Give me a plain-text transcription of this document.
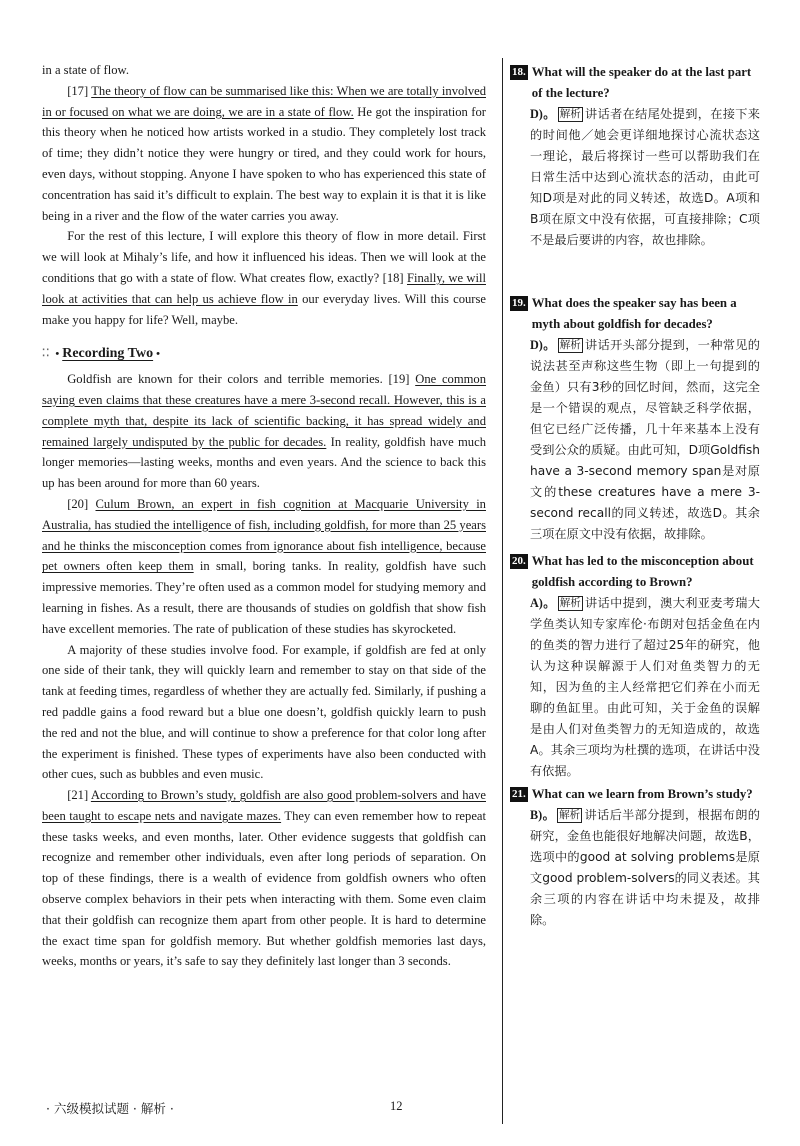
in a state of flow.

[17] The theory of flow can be summarised like this: When we are totally involved in or focused on what we are doing, we are in a state of flow. He got the inspiration for this theory when he noticed how artists worked in a studio. They completely lost track of time; they didn’t notice they were hungry or tired, and they could work for hours, even days, without stopping. Anyone I have spoken to who has experienced this state of concentration has said it’s difficult to explain. The best way to explain it is that it is like being in a river and the flow of the water carries you away.

For the rest of this lecture, I will explore this theory of flow in more detail. First we will look at Mihaly’s life, and how it influenced his ideas. Then we will look at the conditions that go with a state of flow. What creates flow, exactly? [18] Finally, we will look at activities that can help us achieve flow in our everyday lives. Will this course make you happy for life? Well, maybe.

⁚⁚ • Recording Two •

Goldfish are known for their colors and terrible memories. [19] One common saying even claims that these creatures have a mere 3-second recall. However, this is a complete myth that, despite its lack of scientific backing, it has spread widely and remained largely undisputed by the public for decades. In reality, goldfish have much longer memories—lasting weeks, months and even years. And the science to back this up has been around for more than 60 years.

[20] Culum Brown, an expert in fish cognition at Macquarie University in Australia, has studied the intelligence of fish, including goldfish, for more than 25 years and he thinks the misconception comes from ignorance about fish intelligence, because pet owners often keep them in small, boring tanks. In reality, goldfish have such impressive memories. They’re often used as a common model for studying memory and learning in fishes. As a result, there are thousands of studies on goldfish that show fish have excellent memories. The rate of publication of these studies has skyrocketed.

A majority of these studies involve food. For example, if goldfish are fed at only one side of their tank, they will quickly learn and remember to stay on that side of the tank at feeding times, regardless of whether they are actually fed. Similarly, if pushing a red paddle gains a food reward but a blue one doesn’t, goldfish quickly learn to push the red and not the blue, and will continue to show a preference for that color long after the experiment is finished. These types of experiments have also been conducted with other cues, such as bubbles and even music.

[21] According to Brown’s study, goldfish are also good problem-solvers and have been taught to escape nets and navigate mazes. They can even remember how to repeat these tasks weeks, and even months, later. Other evidence suggests that goldfish can recognize and remember other individuals, even after long periods of separation. On top of these findings, there is a wealth of evidence from goldfish owners who often observe complex behaviors in their pets when interacting with them. Some even claim that their goldfish can recognize them apart from other people. It is hard to determine the exact time span for goldfish memory. But whether goldfish memories last days, weeks, months or years, it’s safe to say they definitely last longer than 3 seconds.

18. What will the speaker do at the last part of the lecture?
D)。 解析 讲话者在结尾处提到，在接下来的时间他／她会更详细地探讨心流状态这一理论，最后将探讨一些可以帮助我们在日常生活中达到心流状态的活动，由此可知D项是对此的同义转述，故选D。A项和B项在原文中没有依据，可直接排除；C项不是最后要讲的内容，故也排除。
19. What does the speaker say has been a myth about goldfish for decades?
D)。 解析 讲话开头部分提到，一种常见的说法甚至声称这些生物（即上一句提到的金鱼）只有3秒的回忆时间，然而，这完全是一个错误的观点，尽管缺乏科学依据，但它已经广泛传播，几十年来基本上没有受到公众的质疑。由此可知，D项Goldfish have a 3-second memory span是对原文的these creatures have a mere 3-second recall的同义转述，故选D。其余三项在原文中没有依据，故排除。
20. What has led to the misconception about goldfish according to Brown?
A)。 解析 讲话中提到，澳大利亚麦考瑞大学鱼类认知专家库伦·布朗对包括金鱼在内的鱼类的智力进行了超过25年的研究，他认为这种误解源于人们对鱼类智力的无知，因为鱼的主人经常把它们养在小而无聊的鱼缸里。由此可知，关于金鱼的误解是由人们对鱼类智力的无知造成的，故选A。其余三项均为杜撰的选项，在讲话中没有依据。
21. What can we learn from Brown’s study?
B)。 解析 讲话后半部分提到，根据布朗的研究，金鱼也能很好地解决问题，故选B，选项中的good at solving problems是原文good problem-solvers的同义表述。其余三项的内容在讲话中均未提及，故排除。
· 六级模拟试题 · 解析 ·	12
